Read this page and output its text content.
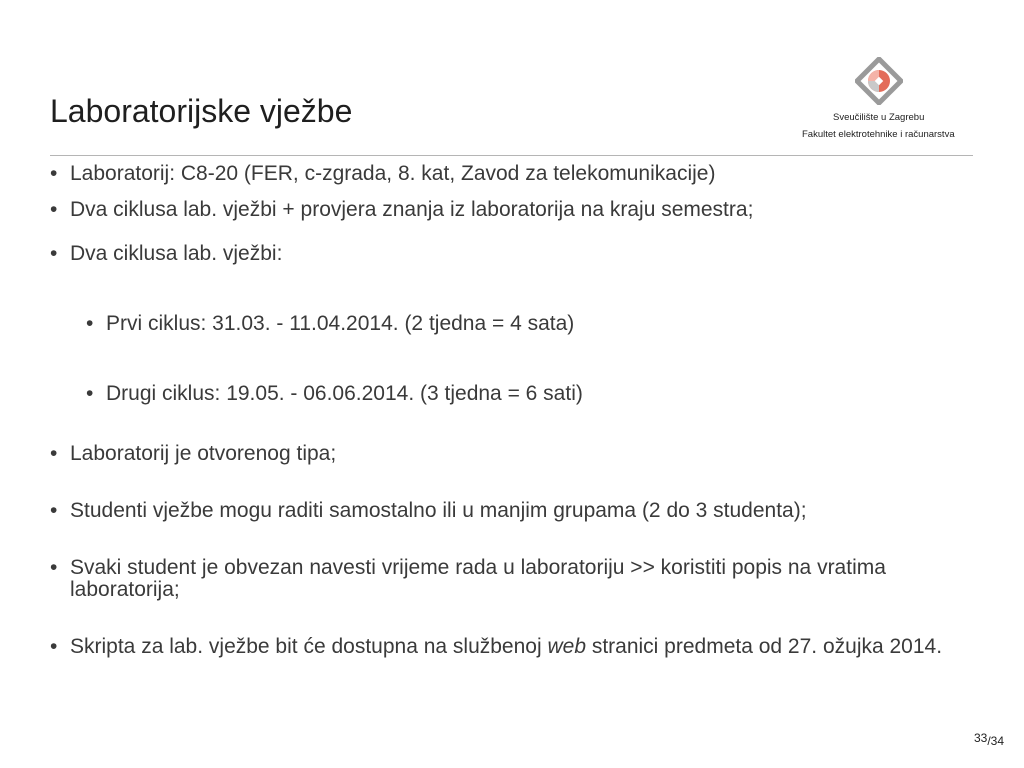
Laboratorijske vježbe	Sveučilište u Zagrebu
Fakultet elektrotehnike i računarstva
• Laboratorij: C8-20 (FER, c-zgrada, 8. kat, Zavod za telekomunikacije)
• Dva ciklusa lab. vježbi + provjera znanja iz laboratorija na kraju semestra;
• Dva ciklusa lab. vježbi:
• Prvi ciklus: 31.03. - 11.04.2014. (2 tjedna = 4 sata)
• Drugi ciklus: 19.05. - 06.06.2014. (3 tjedna = 6 sati)
• Laboratorij je otvorenog tipa;
• Studenti vježbe mogu raditi samostalno ili u manjim grupama (2 do 3 studenta);
• Svaki student je obvezan navesti vrijeme rada u laboratoriju >> koristiti popis na vratima laboratorija;
• Skripta za lab. vježbe bit će dostupna na službenoj web stranici predmeta od 27. ožujka 2014.
33/34
